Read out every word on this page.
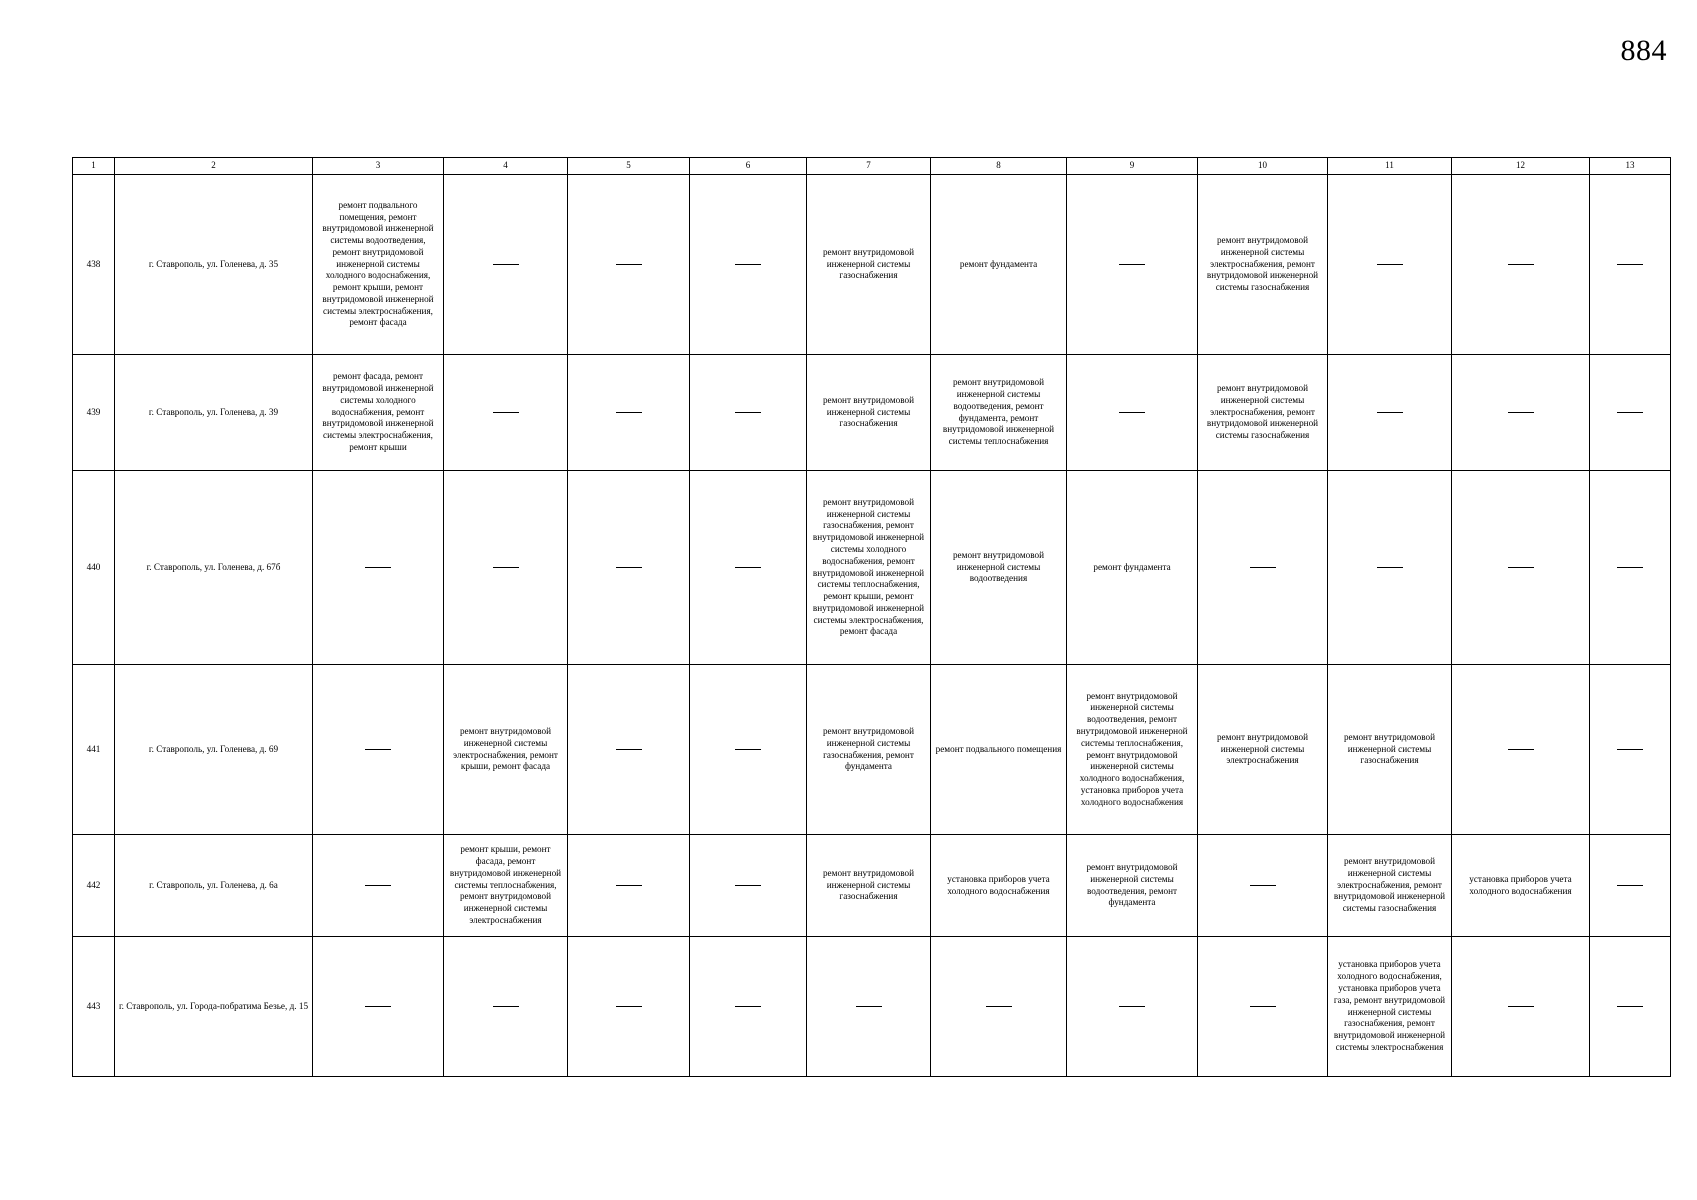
884
1	2	3	4	5	6	7	8	9	10	11	12	13
438	г. Ставрополь, ул. Голенева, д. 35	ремонт подвального помещения, ремонт внутридомовой инженерной системы водоотведения, ремонт внутридомовой инженерной системы холодного водоснабжения, ремонт крыши, ремонт внутридомовой инженерной системы электроснабжения, ремонт фасада				ремонт внутридомовой инженерной системы газоснабжения	ремонт фундамента		ремонт внутридомовой инженерной системы электроснабжения, ремонт внутридомовой инженерной системы газоснабжения			
439	г. Ставрополь, ул. Голенева, д. 39	ремонт фасада, ремонт внутридомовой инженерной системы холодного водоснабжения, ремонт внутридомовой инженерной системы электроснабжения, ремонт крыши				ремонт внутридомовой инженерной системы газоснабжения	ремонт внутридомовой инженерной системы водоотведения, ремонт фундамента, ремонт внутридомовой инженерной системы теплоснабжения		ремонт внутридомовой инженерной системы электроснабжения, ремонт внутридомовой инженерной системы газоснабжения			
440	г. Ставрополь, ул. Голенева, д. 67б					ремонт внутридомовой инженерной системы газоснабжения, ремонт внутридомовой инженерной системы холодного водоснабжения, ремонт внутридомовой инженерной системы теплоснабжения, ремонт крыши, ремонт внутридомовой инженерной системы электроснабжения, ремонт фасада	ремонт внутридомовой инженерной системы водоотведения	ремонт фундамента				
441	г. Ставрополь, ул. Голенева, д. 69		ремонт внутридомовой инженерной системы электроснабжения, ремонт крыши, ремонт фасада			ремонт внутридомовой инженерной системы газоснабжения, ремонт фундамента	ремонт подвального помещения	ремонт внутридомовой инженерной системы водоотведения, ремонт внутридомовой инженерной системы теплоснабжения, ремонт внутридомовой инженерной системы холодного водоснабжения, установка приборов учета холодного водоснабжения	ремонт внутридомовой инженерной системы электроснабжения	ремонт внутридомовой инженерной системы газоснабжения		
442	г. Ставрополь, ул. Голенева, д. 6а		ремонт крыши, ремонт фасада, ремонт внутридомовой инженерной системы теплоснабжения, ремонт внутридомовой инженерной системы электроснабжения			ремонт внутридомовой инженерной системы газоснабжения	установка приборов учета холодного водоснабжения	ремонт внутридомовой инженерной системы водоотведения, ремонт фундамента		ремонт внутридомовой инженерной системы электроснабжения, ремонт внутридомовой инженерной системы газоснабжения	установка приборов учета холодного водоснабжения	
443	г. Ставрополь, ул. Города-побратима Безье, д. 15									установка приборов учета холодного водоснабжения, установка приборов учета газа, ремонт внутридомовой инженерной системы газоснабжения, ремонт внутридомовой инженерной системы электроснабжения		
